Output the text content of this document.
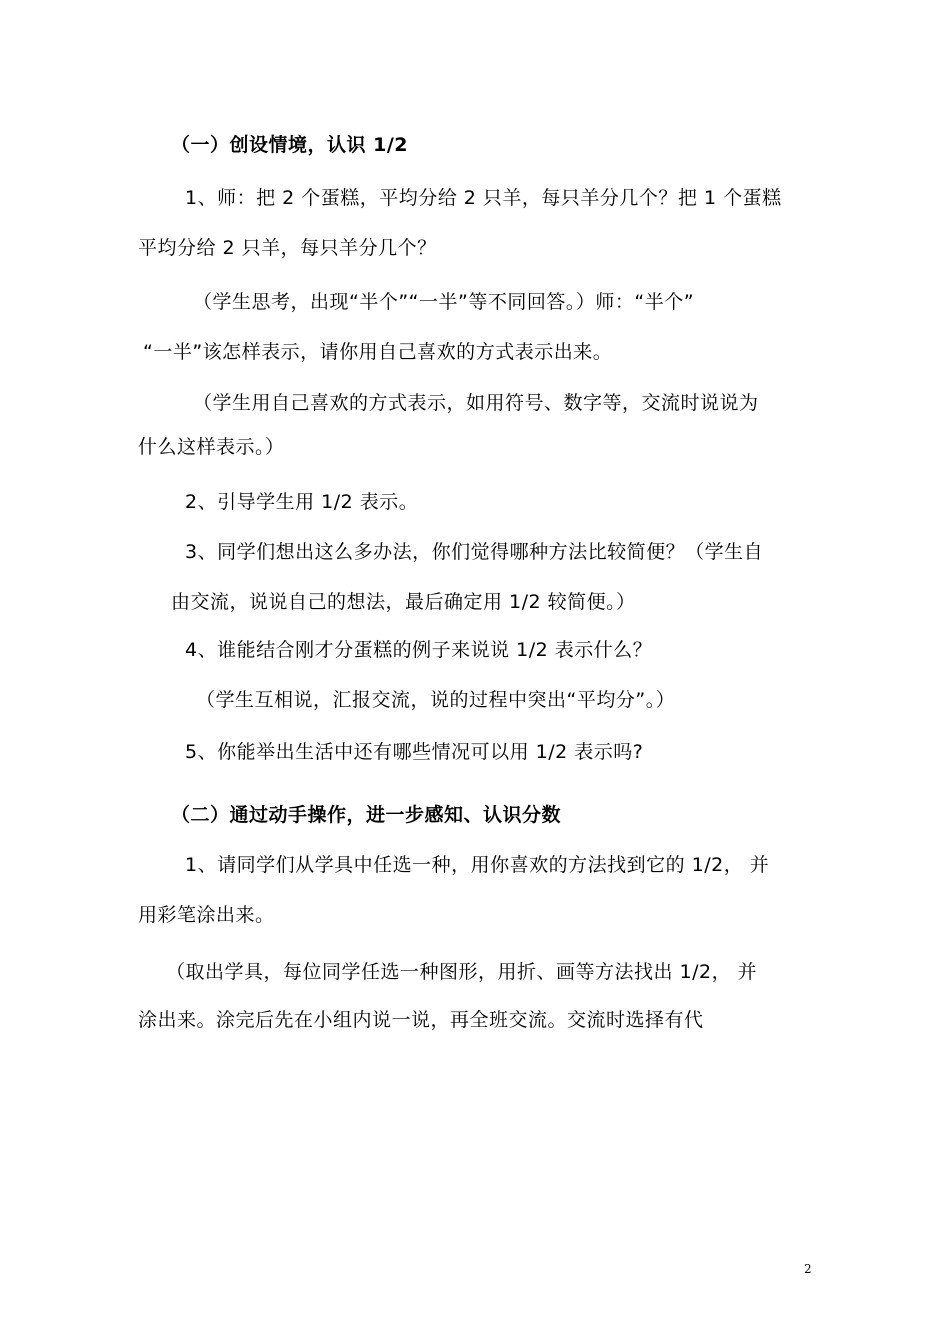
（一）创设情境，认识 1/2
1、师：把 2 个蛋糕，平均分给 2 只羊，每只羊分几个？把 1 个蛋糕
平均分给 2 只羊，每只羊分几个？
（学生思考，出现“半个”“一半”等不同回答。）师：“半个”
“一半”该怎样表示，请你用自己喜欢的方式表示出来。
（学生用自己喜欢的方式表示，如用符号、数字等，交流时说说为
什么这样表示。）
2、引导学生用 1/2 表示。
3、同学们想出这么多办法，你们觉得哪种方法比较简便？（学生自
由交流，说说自己的想法，最后确定用 1/2 较简便。）
4、谁能结合刚才分蛋糕的例子来说说 1/2 表示什么？
（学生互相说，汇报交流，说的过程中突出“平均分”。）
5、你能举出生活中还有哪些情况可以用 1/2 表示吗?
（二）通过动手操作，进一步感知、认识分数
1、请同学们从学具中任选一种，用你喜欢的方法找到它的 1/2， 并
用彩笔涂出来。
（取出学具，每位同学任选一种图形，用折、画等方法找出 1/2， 并
涂出来。涂完后先在小组内说一说，再全班交流。交流时选择有代
2
